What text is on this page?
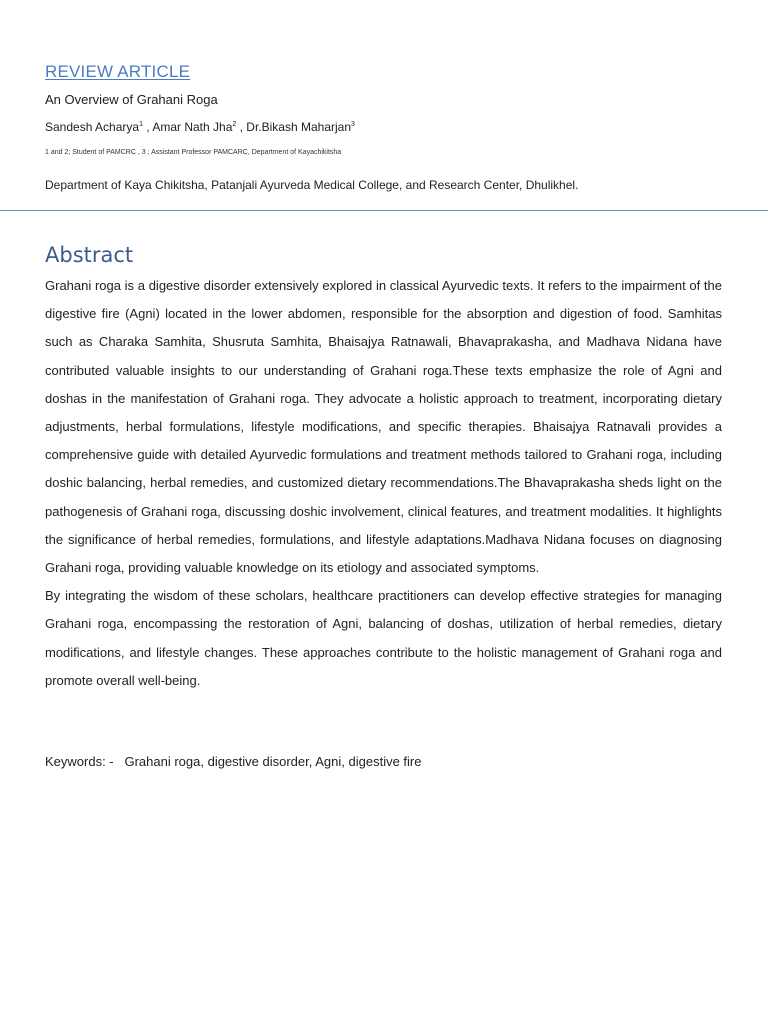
REVIEW ARTICLE
An Overview of Grahani Roga
Sandesh Acharya$^1$ , Amar Nath Jha$^2$ , Dr.Bikash Maharjan$^3$
1 and 2; Student of PAMCRC , 3 ; Assistant Professor PAMCARC, Department of Kayachikitsha
Department of Kaya Chikitsha, Patanjali Ayurveda Medical College, and Research Center, Dhulikhel.
Abstract

Grahani roga is a digestive disorder extensively explored in classical Ayurvedic texts. It refers to the impairment of the digestive fire (Agni) located in the lower abdomen, responsible for the absorption and digestion of food. Samhitas such as Charaka Samhita, Shusruta Samhita, Bhaisajya Ratnawali, Bhavaprakasha, and Madhava Nidana have contributed valuable insights to our understanding of Grahani roga.These texts emphasize the role of Agni and doshas in the manifestation of Grahani roga. They advocate a holistic approach to treatment, incorporating dietary adjustments, herbal formulations, lifestyle modifications, and specific therapies. Bhaisajya Ratnavali provides a comprehensive guide with detailed Ayurvedic formulations and treatment methods tailored to Grahani roga, including doshic balancing, herbal remedies, and customized dietary recommendations.The Bhavaprakasha sheds light on the pathogenesis of Grahani roga, discussing doshic involvement, clinical features, and treatment modalities. It highlights the significance of herbal remedies, formulations, and lifestyle adaptations.Madhava Nidana focuses on diagnosing Grahani roga, providing valuable knowledge on its etiology and associated symptoms.

By integrating the wisdom of these scholars, healthcare practitioners can develop effective strategies for managing Grahani roga, encompassing the restoration of Agni, balancing of doshas, utilization of herbal remedies, dietary modifications, and lifestyle changes. These approaches contribute to the holistic management of Grahani roga and promote overall well-being.

Keywords: - Grahani roga, digestive disorder, Agni, digestive fire
